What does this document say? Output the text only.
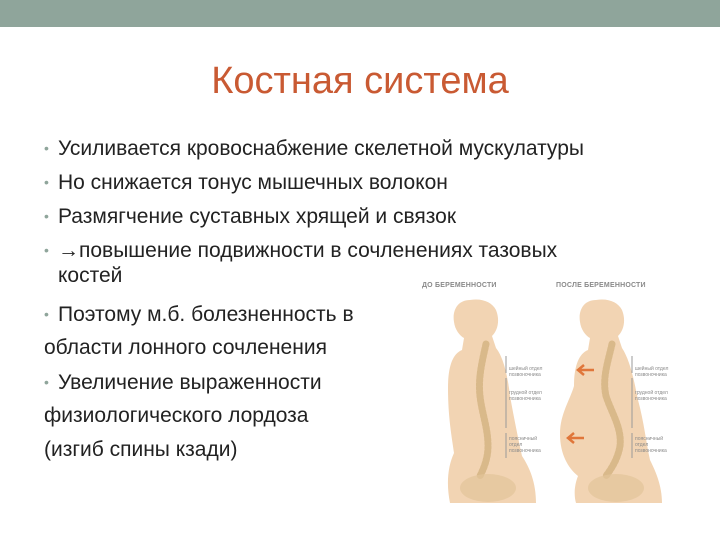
Костная система
• Усиливается кровоснабжение скелетной мускулатуры
• Но снижается тонус мышечных волокон
• Размягчение суставных хрящей и связок
• →повышение подвижности в сочленениях тазовых
костей
• Поэтому м.б. болезненность в
области лонного сочленения
• Увеличение выраженности
физиологического лордоза
(изгиб спины кзади)
ДО БЕРЕМЕННОСТИ	ПОСЛЕ БЕРЕМЕННОСТИ
шейный отдел позвоночника
грудной отдел позвоночника
поясничный отдел позвоночника
шейный отдел позвоночника
грудной отдел позвоночника
поясничный отдел позвоночника
